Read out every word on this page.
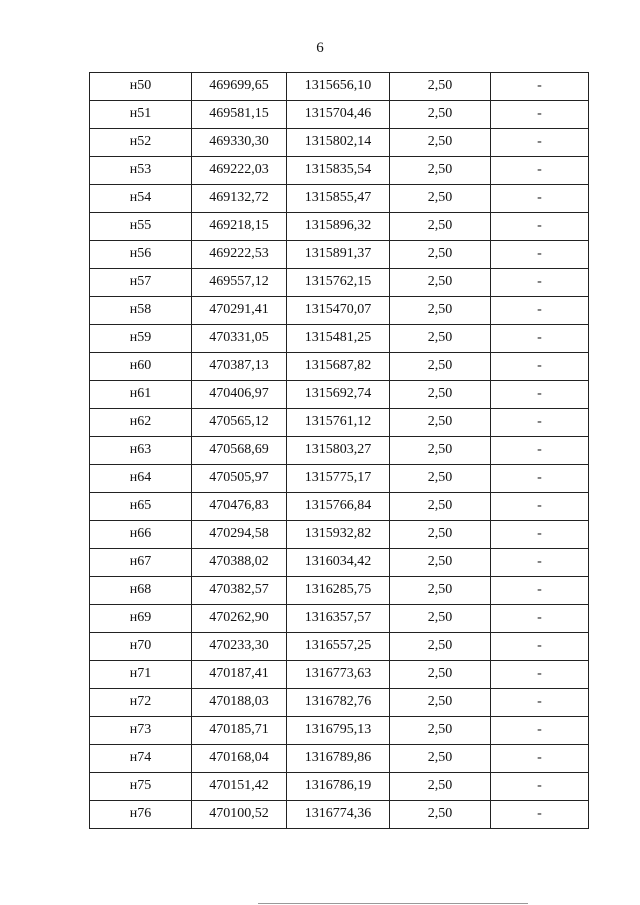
6
н50	469699,65	1315656,10	2,50	-
н51	469581,15	1315704,46	2,50	-
н52	469330,30	1315802,14	2,50	-
н53	469222,03	1315835,54	2,50	-
н54	469132,72	1315855,47	2,50	-
н55	469218,15	1315896,32	2,50	-
н56	469222,53	1315891,37	2,50	-
н57	469557,12	1315762,15	2,50	-
н58	470291,41	1315470,07	2,50	-
н59	470331,05	1315481,25	2,50	-
н60	470387,13	1315687,82	2,50	-
н61	470406,97	1315692,74	2,50	-
н62	470565,12	1315761,12	2,50	-
н63	470568,69	1315803,27	2,50	-
н64	470505,97	1315775,17	2,50	-
н65	470476,83	1315766,84	2,50	-
н66	470294,58	1315932,82	2,50	-
н67	470388,02	1316034,42	2,50	-
н68	470382,57	1316285,75	2,50	-
н69	470262,90	1316357,57	2,50	-
н70	470233,30	1316557,25	2,50	-
н71	470187,41	1316773,63	2,50	-
н72	470188,03	1316782,76	2,50	-
н73	470185,71	1316795,13	2,50	-
н74	470168,04	1316789,86	2,50	-
н75	470151,42	1316786,19	2,50	-
н76	470100,52	1316774,36	2,50	-
